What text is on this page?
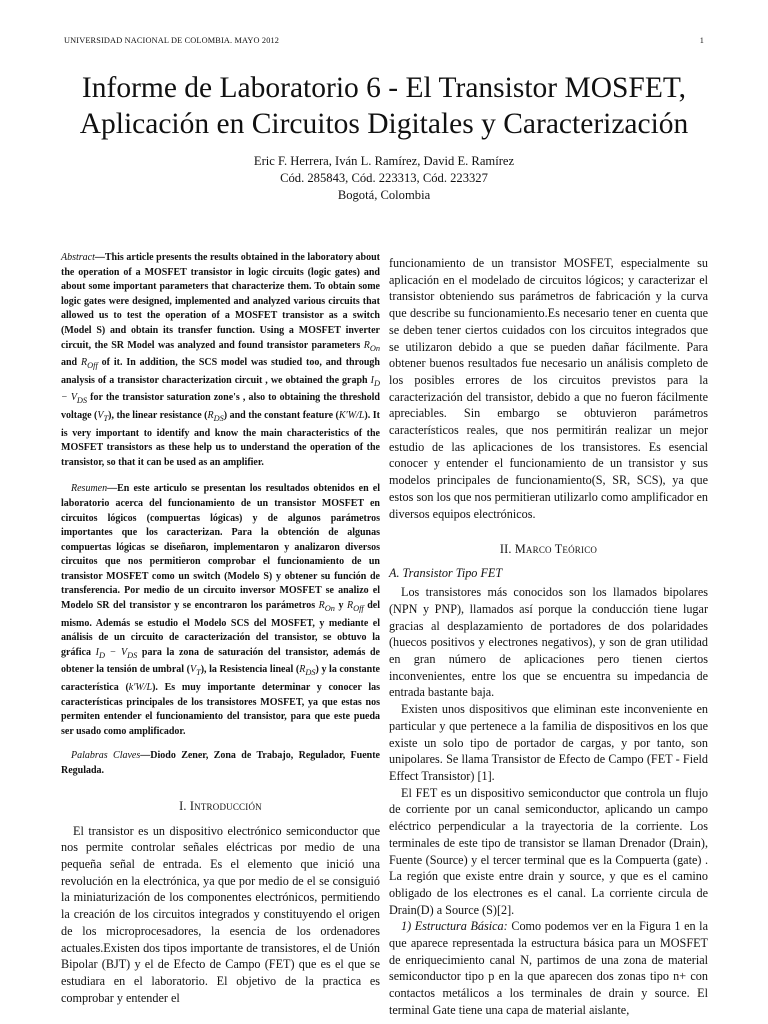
UNIVERSIDAD NACIONAL DE COLOMBIA. MAYO 2012	1
Informe de Laboratorio 6 - El Transistor MOSFET,
Aplicación en Circuitos Digitales y Caracterización
Eric F. Herrera, Iván L. Ramírez, David E. Ramírez
Cód. 285843, Cód. 223313, Cód. 223327
Bogotá, Colombia

Abstract—This article presents the results obtained in the laboratory about the operation of a MOSFET transistor in logic circuits (logic gates) and about some important parameters that characterize them. To obtain some logic gates were designed, implemented and analyzed various circuits that allowed us to test the operation of a MOSFET transistor as a switch (Model S) and obtain its transfer function. Using a MOSFET inverter circuit, the SR Model was analyzed and found transistor parameters $R_{On}$ and $R_{Off}$ of it. In addition, the SCS model was studied too, and through analysis of a transistor characterization circuit , we obtained the graph $I_D - V_{DS}$ for the transistor saturation zone's , also to obtaining the threshold voltage $(V_T)$, the linear resistance $(R_{DS})$ and the constant feature (K′W/L). It is very important to identify and know the main characteristics of the MOSFET transistors as these help us to understand the operation of the transistor, so that it can be used as an amplifier.

Resumen—En este articulo se presentan los resultados obtenidos en el laboratorio acerca del funcionamiento de un transistor MOSFET en circuitos lógicos (compuertas lógicas) y de algunos parámetros importantes que los caracterizan. Para la obtención de algunas compuertas lógicas se diseñaron, implementaron y analizaron diversos circuitos que nos permitieron comprobar el funcionamiento de un transistor MOSFET como un switch (Modelo S) y obtener su función de transferencia. Por medio de un circuito inversor MOSFET se analizo el Modelo SR del transistor y se encontraron los parámetros $R_{On}$ y $R_{Off}$ del mismo. Además se estudio el Modelo SCS del MOSFET, y mediante el análisis de un circuito de caracterización del transistor, se obtuvo la gráfica $I_D - V_{DS}$ para la zona de saturación del transistor, además de obtener la tensión de umbral $(V_T)$, la Resistencia lineal $(R_{DS})$ y la constante característica (k′W/L). Es muy importante determinar y conocer las características principales de los transistores MOSFET, ya que estas nos permiten entender el funcionamiento del transistor, para que este pueda ser usado como amplificador.

Palabras Claves—Diodo Zener, Zona de Trabajo, Regulador, Fuente Regulada.

I. Introducción

El transistor es un dispositivo electrónico semiconductor que nos permite controlar señales eléctricas por medio de una pequeña señal de entrada. Es el elemento que inició una revolución en la electrónica, ya que por medio de el se consiguió la miniaturización de los componentes electrónicos, permitiendo la creación de los circuitos integrados y constituyendo el origen de los microprocesadores, la esencia de los ordenadores actuales.Existen dos tipos importante de transistores, el de Unión Bipolar (BJT) y el de Efecto de Campo (FET) que es el que se estudiara en el laboratorio. El objetivo de la practica es comprobar y entender el

funcionamiento de un transistor MOSFET, especialmente su aplicación en el modelado de circuitos lógicos; y caracterizar el transistor obteniendo sus parámetros de fabricación y la curva que describe su funcionamiento.Es necesario tener en cuenta que se deben tener ciertos cuidados con los circuitos integrados que se utilizaron debido a que se pueden dañar fácilmente. Para obtener buenos resultados fue necesario un análisis completo de los posibles errores de los circuitos previstos para la caracterización del transistor, debido a que no fueron fácilmente apreciables. Sin embargo se obtuvieron parámetros característicos reales, que nos permitirán realizar un mejor estudio de las aplicaciones de los transistores. Es esencial conocer y entender el funcionamiento de un transistor y sus modelos principales de funcionamiento(S, SR, SCS), ya que estos son los que nos permitieran utilizarlo como amplificador en diversos equipos electrónicos.

II. Marco Teórico
A. Transistor Tipo FET

Los transistores más conocidos son los llamados bipolares (NPN y PNP), llamados así porque la conducción tiene lugar gracias al desplazamiento de portadores de dos polaridades (huecos positivos y electrones negativos), y son de gran utilidad en gran número de aplicaciones pero tienen ciertos inconvenientes, entre los que se encuentra su impedancia de entrada bastante baja.

Existen unos dispositivos que eliminan este inconveniente en particular y que pertenece a la familia de dispositivos en los que existe un solo tipo de portador de cargas, y por tanto, son unipolares. Se llama Transistor de Efecto de Campo (FET - Field Effect Transistor) [1].

El FET es un dispositivo semiconductor que controla un flujo de corriente por un canal semiconductor, aplicando un campo eléctrico perpendicular a la trayectoria de la corriente. Los terminales de este tipo de transistor se llaman Drenador (Drain), Fuente (Source) y el tercer terminal que es la Compuerta (gate) . La región que existe entre drain y source, y que es el camino obligado de los electrones es el canal. La corriente circula de Drain(D) a Source (S)[2].

1) Estructura Básica: Como podemos ver en la Figura 1 en la que aparece representada la estructura básica para un MOSFET de enriquecimiento canal N, partimos de una zona de material semiconductor tipo p en la que aparecen dos zonas tipo n+ con contactos metálicos a los terminales de drain y source. El terminal Gate tiene una capa de material aislante,
